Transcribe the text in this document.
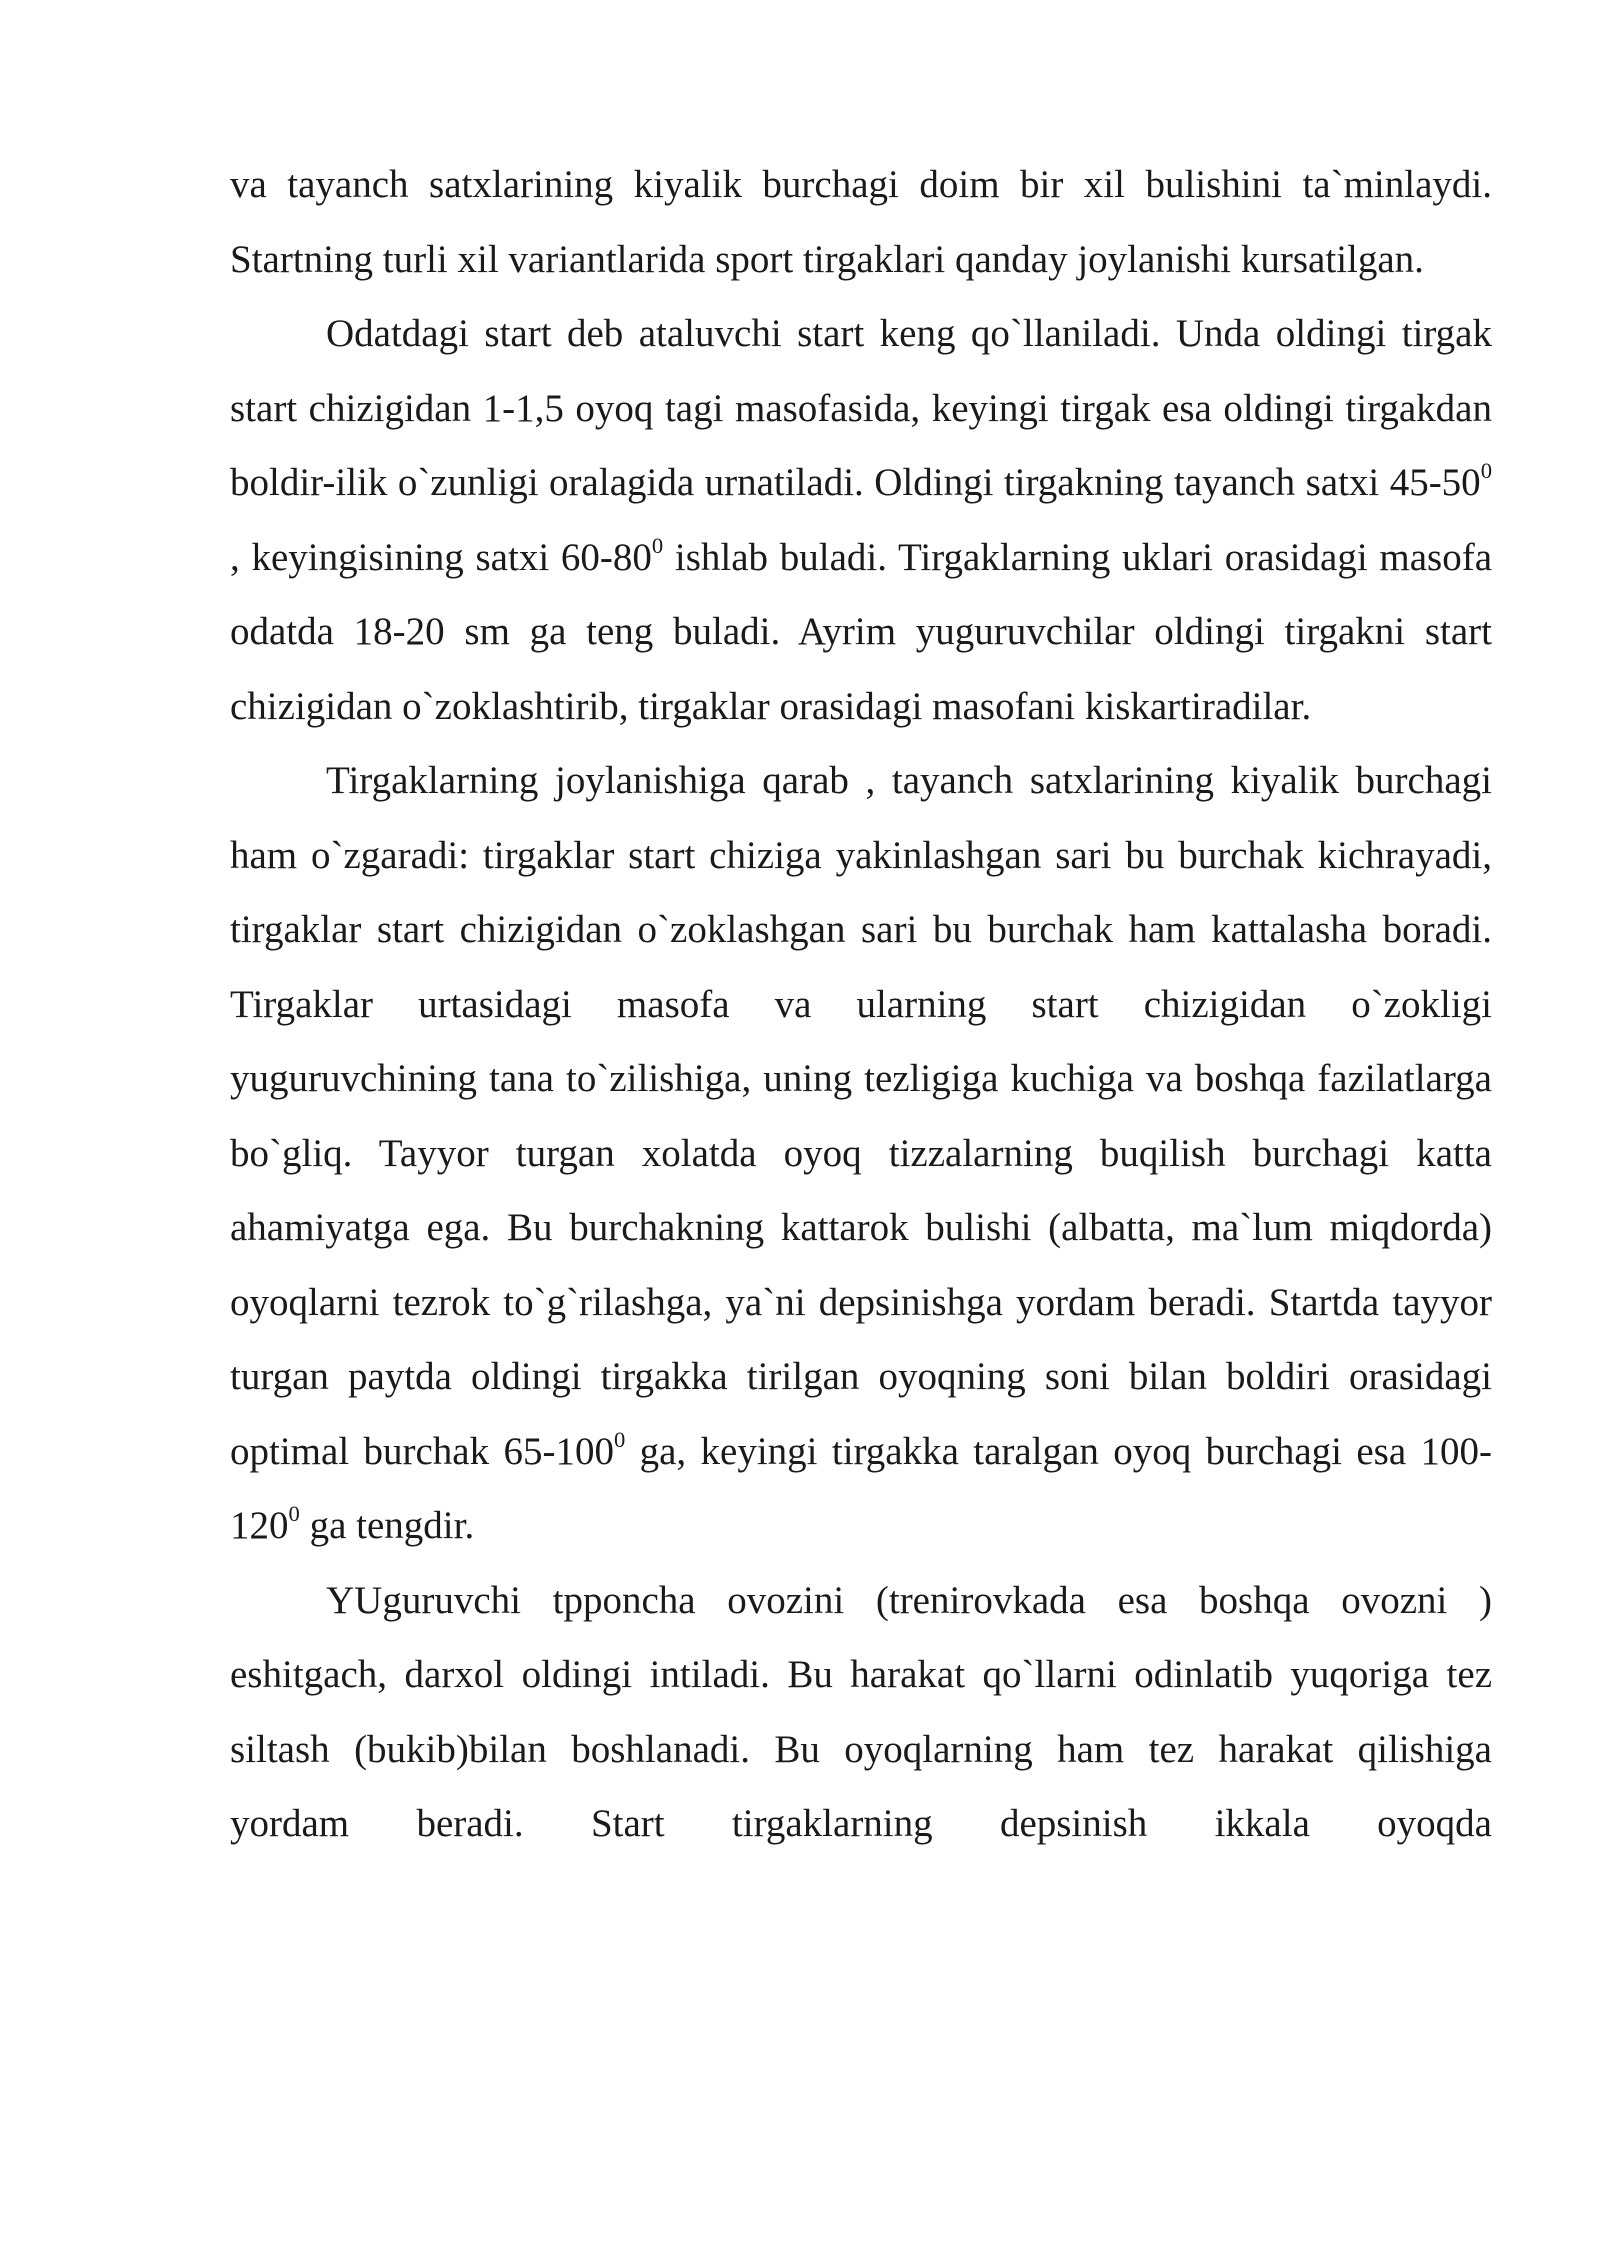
va tayanch satxlarining kiyalik burchagi doim bir xil bulishini ta`minlaydi. Startning turli xil variantlarida sport tirgaklari qanday joylanishi kursatilgan.

Odatdagi start deb ataluvchi start keng qo`llaniladi. Unda oldingi tirgak start chizigidan 1-1,5 oyoq tagi masofasida, keyingi tirgak esa oldingi tirgakdan boldir-ilik o`zunligi oralagida urnatiladi. Oldingi tirgakning tayanch satxi $45-50^0$ , keyingisining satxi $60-80^0$ ishlab buladi. Tirgaklarning uklari orasidagi masofa odatda 18-20 sm ga teng buladi. Ayrim yuguruvchilar oldingi tirgakni start chizigidan o`zoklashtirib, tirgaklar orasidagi masofani kiskartiradilar.

Tirgaklarning joylanishiga qarab , tayanch satxlarining kiyalik burchagi ham o`zgaradi: tirgaklar start chiziga yakinlashgan sari bu burchak kichrayadi, tirgaklar start chizigidan o`zoklashgan sari bu burchak ham kattalasha boradi. Tirgaklar urtasidagi masofa va ularning start chizigidan o`zokligi yuguruvchining tana to`zilishiga, uning tezligiga kuchiga va boshqa fazilatlarga bo`gliq. Tayyor turgan xolatda oyoq tizzalarning buqilish burchagi katta ahamiyatga ega. Bu burchakning kattarok bulishi (albatta, ma`lum miqdorda) oyoqlarni tezrok to`g`rilashga, ya`ni depsinishga yordam beradi. Startda tayyor turgan paytda oldingi tirgakka tirilgan oyoqning soni bilan boldiri orasidagi optimal burchak $65-100^0$ ga, keyingi tirgakka taralgan oyoq burchagi esa $100-120^0$ ga tengdir.

YUguruvchi tpponcha ovozini (trenirovkada esa boshqa ovozni ) eshitgach, darxol oldingi intiladi. Bu harakat qo`llarni odinlatib yuqoriga tez siltash (bukib)bilan boshlanadi. Bu oyoqlarning ham tez harakat qilishiga yordam beradi. Start tirgaklarning depsinish ikkala oyoqda
